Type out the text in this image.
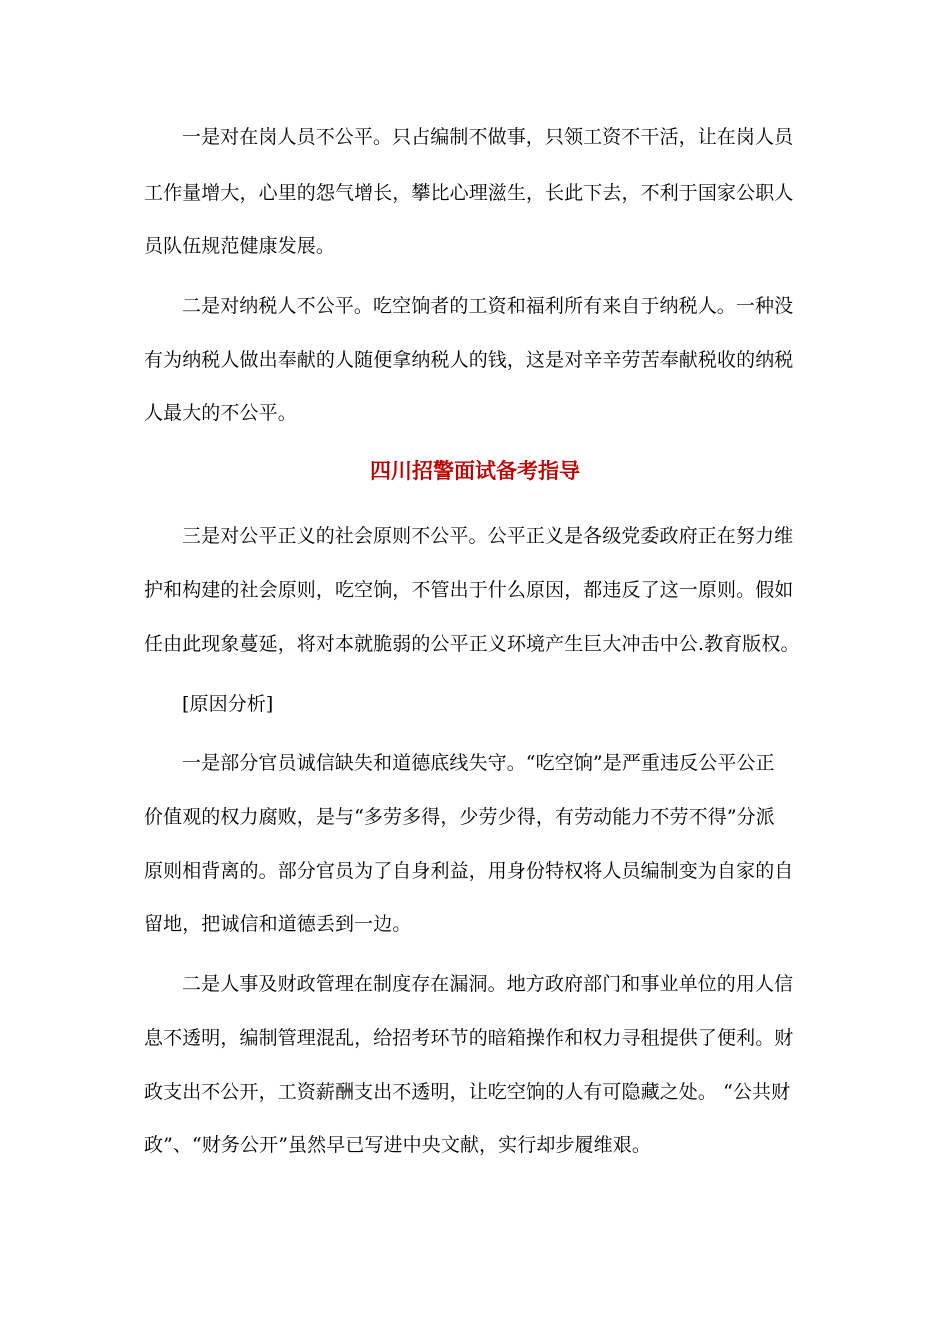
一是对在岗人员不公平。只占编制不做事，只领工资不干活，让在岗人员
工作量增大，心里的怨气增长，攀比心理滋生，长此下去，不利于国家公职人
员队伍规范健康发展。
二是对纳税人不公平。吃空饷者的工资和福利所有来自于纳税人。一种没
有为纳税人做出奉献的人随便拿纳税人的钱，这是对辛辛劳苦奉献税收的纳税
人最大的不公平。
四川招警面试备考指导
三是对公平正义的社会原则不公平。公平正义是各级党委政府正在努力维
护和构建的社会原则，吃空饷，不管出于什么原因，都违反了这一原则。假如
任由此现象蔓延，将对本就脆弱的公平正义环境产生巨大冲击中公.教育版权。
[原因分析]
一是部分官员诚信缺失和道德底线失守。“吃空饷”是严重违反公平公正
价值观的权力腐败，是与“多劳多得，少劳少得，有劳动能力不劳不得”分派
原则相背离的。部分官员为了自身利益，用身份特权将人员编制变为自家的自
留地，把诚信和道德丢到一边。
二是人事及财政管理在制度存在漏洞。地方政府部门和事业单位的用人信
息不透明，编制管理混乱，给招考环节的暗箱操作和权力寻租提供了便利。财
政支出不公开，工资薪酬支出不透明，让吃空饷的人有可隐藏之处。 “公共财
政”、“财务公开”虽然早已写进中央文献，实行却步履维艰。
